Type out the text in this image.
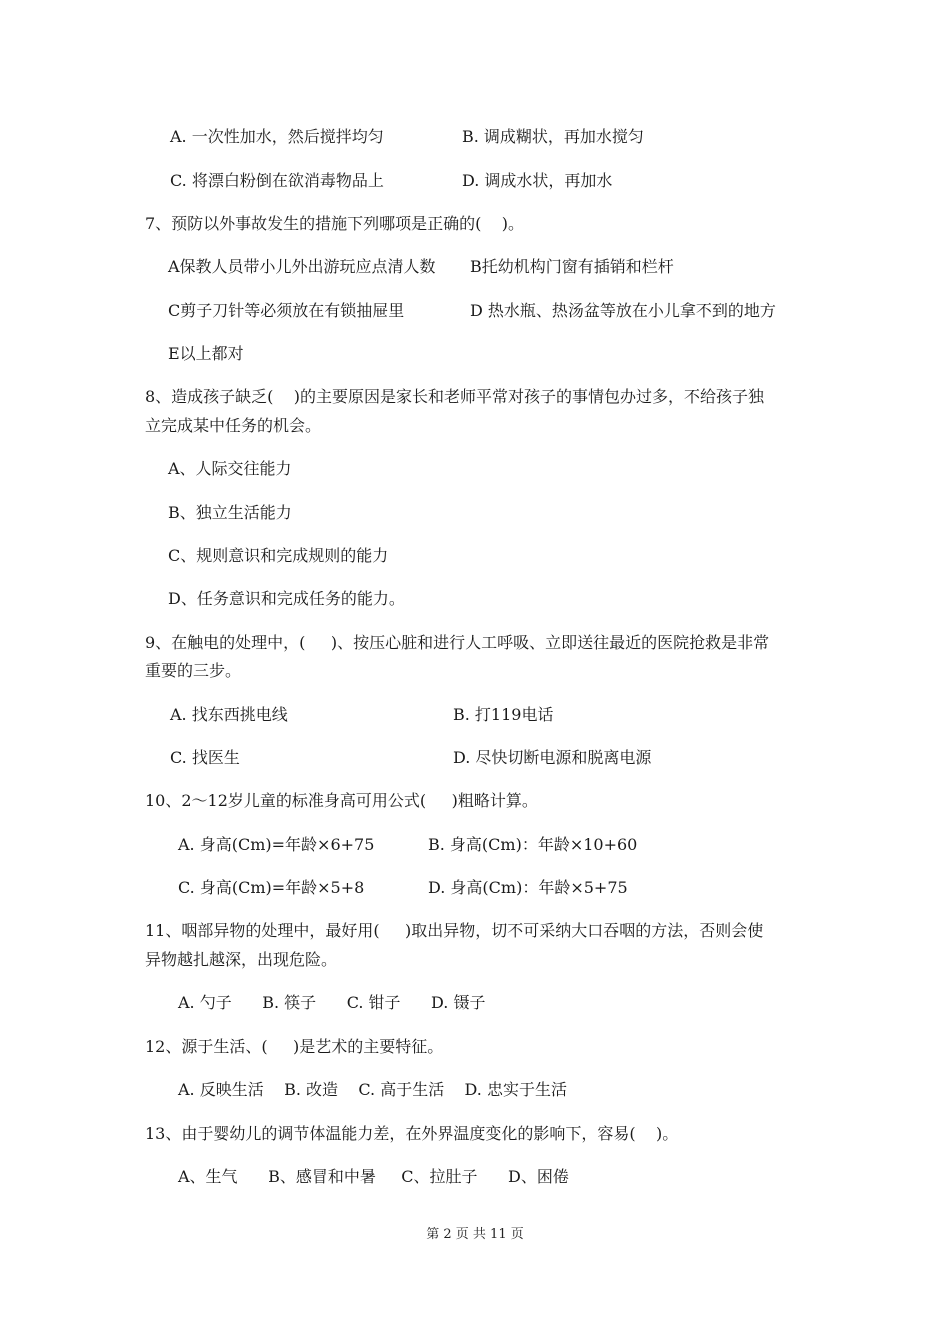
A. 一次性加水，然后搅拌均匀	B. 调成糊状，再加水搅匀
C. 将漂白粉倒在欲消毒物品上	D. 调成水状，再加水
7、预防以外事故发生的措施下列哪项是正确的(    )。
A保教人员带小儿外出游玩应点清人数 B托幼机构门窗有插销和栏杆
C剪子刀针等必须放在有锁抽屉里	D 热水瓶、热汤盆等放在小儿拿不到的地方
E以上都对
8、造成孩子缺乏(    )的主要原因是家长和老师平常对孩子的事情包办过多，不给孩子独
立完成某中任务的机会。
A、人际交往能力
B、独立生活能力
C、规则意识和完成规则的能力
D、任务意识和完成任务的能力。
9、在触电的处理中，(     )、按压心脏和进行人工呼吸、立即送往最近的医院抢救是非常
重要的三步。
A. 找东西挑电线	B. 打119电话
C. 找医生	D. 尽快切断电源和脱离电源
10、2～12岁儿童的标准身高可用公式(     )粗略计算。
A. 身高(Cm)=年龄×6+75	B. 身高(Cm)：年龄×10+60
C. 身高(Cm)=年龄×5+8	D. 身高(Cm)：年龄×5+75
11、咽部异物的处理中，最好用(     )取出异物，切不可采纳大口吞咽的方法，否则会使
异物越扎越深，出现危险。
A. 勺子      B. 筷子      C. 钳子      D. 镊子
12、源于生活、(     )是艺术的主要特征。
A. 反映生活    B. 改造    C. 高于生活    D. 忠实于生活
13、由于婴幼儿的调节体温能力差，在外界温度变化的影响下，容易(    )。
A、生气      B、感冒和中暑     C、拉肚子      D、困倦
第 2 页 共 11 页
